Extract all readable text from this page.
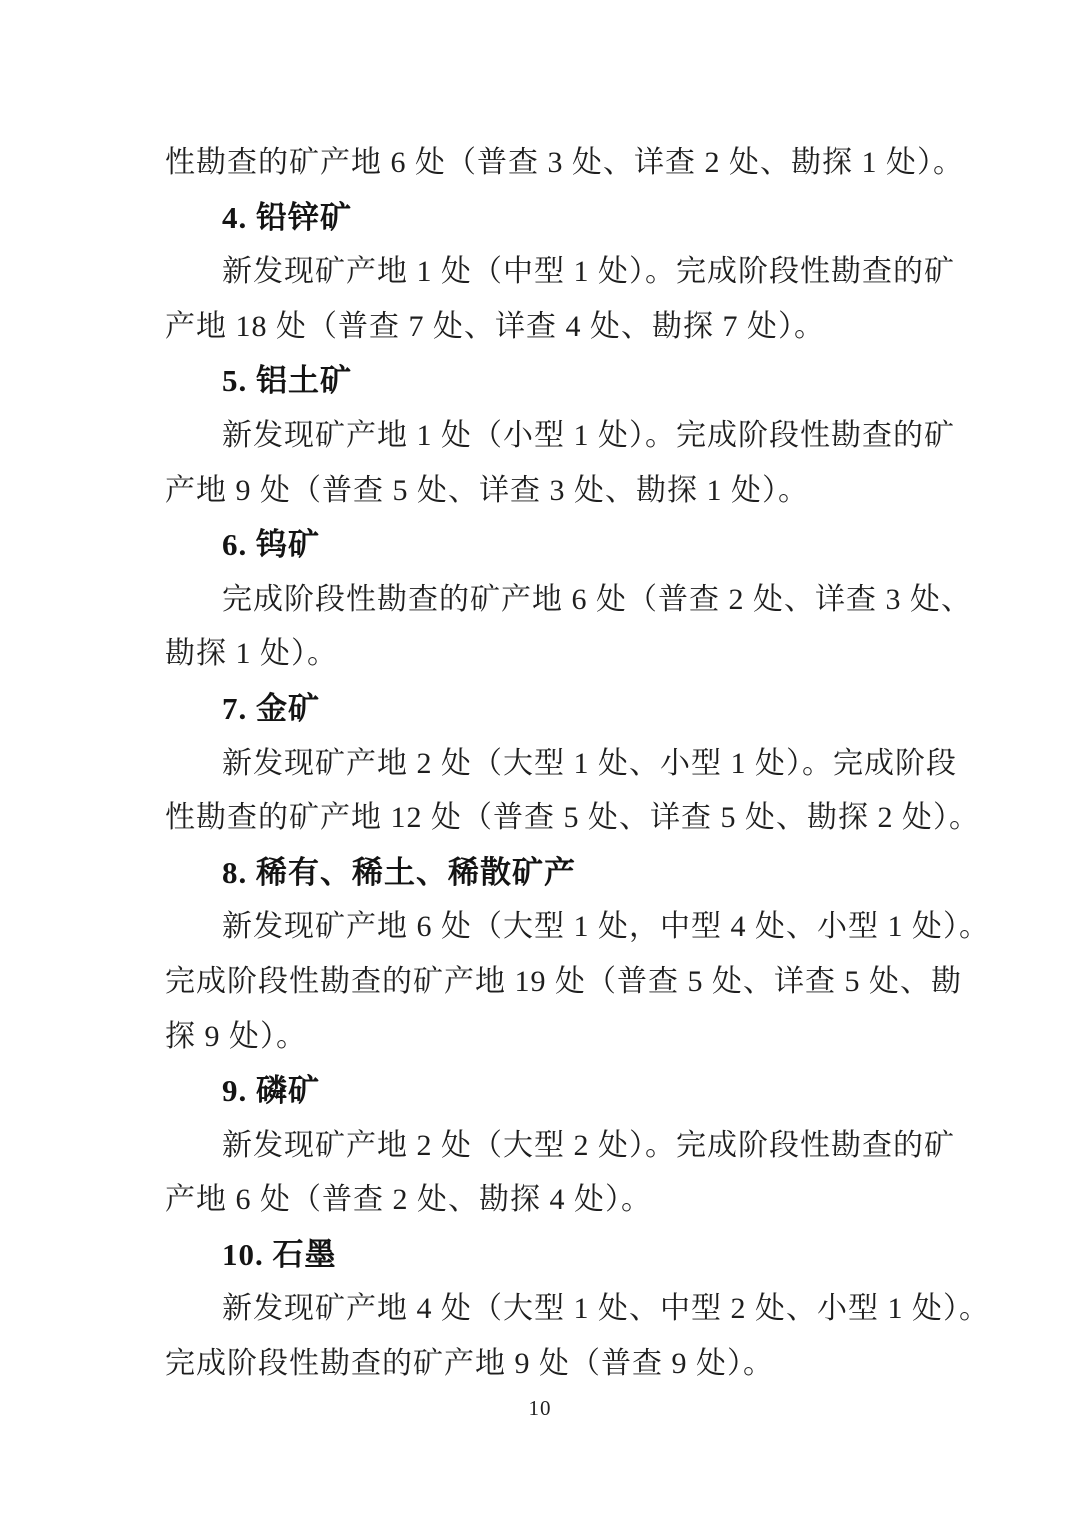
性勘查的矿产地 6 处（普查 3 处、详查 2 处、勘探 1 处）。
4. 铅锌矿
新发现矿产地 1 处（中型 1 处）。完成阶段性勘查的矿
产地 18 处（普查 7 处、详查 4 处、勘探 7 处）。
5. 铝土矿
新发现矿产地 1 处（小型 1 处）。完成阶段性勘查的矿
产地 9 处（普查 5 处、详查 3 处、勘探 1 处）。
6. 钨矿
完成阶段性勘查的矿产地 6 处（普查 2 处、详查 3 处、
勘探 1 处）。
7. 金矿
新发现矿产地 2 处（大型 1 处、小型 1 处）。完成阶段
性勘查的矿产地 12 处（普查 5 处、详查 5 处、勘探 2 处）。
8. 稀有、稀土、稀散矿产
新发现矿产地 6 处（大型 1 处，中型 4 处、小型 1 处）。
完成阶段性勘查的矿产地 19 处（普查 5 处、详查 5 处、勘
探 9 处）。
9. 磷矿
新发现矿产地 2 处（大型 2 处）。完成阶段性勘查的矿
产地 6 处（普查 2 处、勘探 4 处）。
10. 石墨
新发现矿产地 4 处（大型 1 处、中型 2 处、小型 1 处）。
完成阶段性勘查的矿产地 9 处（普查 9 处）。
10
